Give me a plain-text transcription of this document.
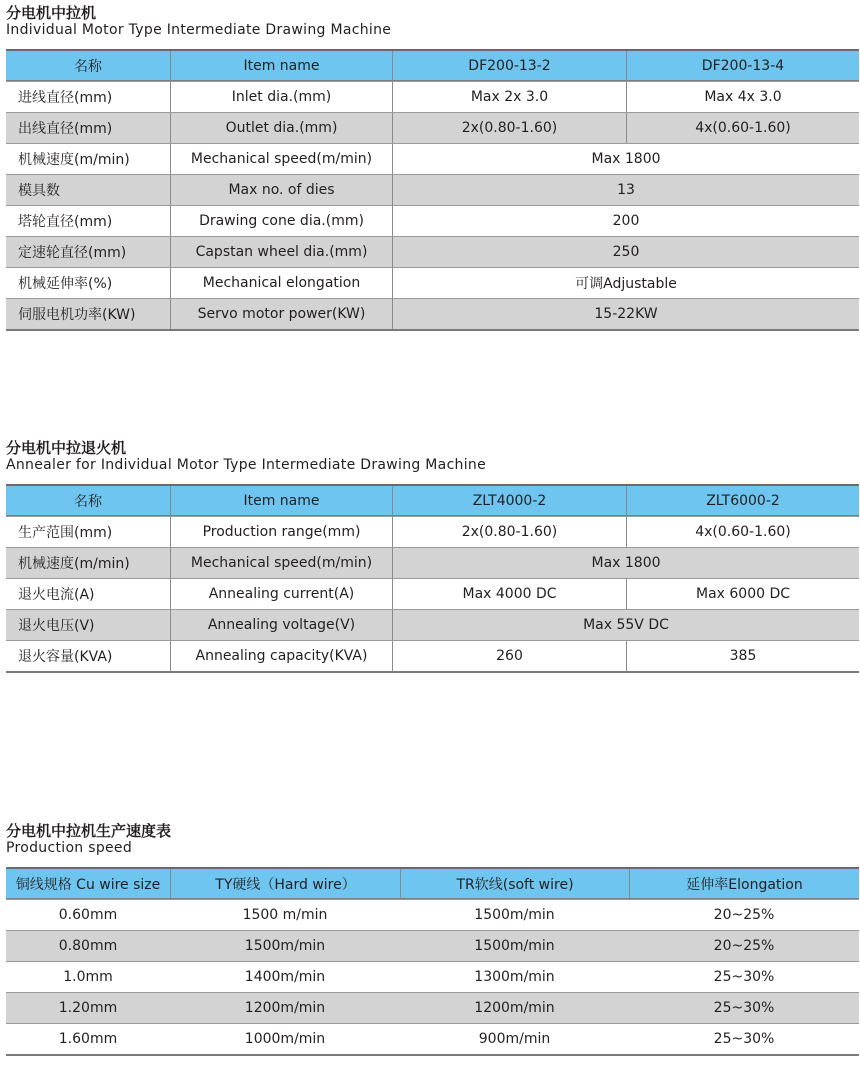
分电机中拉机
Individual Motor Type Intermediate Drawing Machine
名称	Item name	DF200-13-2	DF200-13-4
进线直径(mm)	Inlet dia.(mm)	Max 2x 3.0	Max 4x 3.0
出线直径(mm)	Outlet dia.(mm)	2x(0.80-1.60)	4x(0.60-1.60)
机械速度(m/min)	Mechanical speed(m/min)	Max 1800
模具数	Max no. of dies	13
塔轮直径(mm)	Drawing cone dia.(mm)	200
定速轮直径(mm)	Capstan wheel dia.(mm)	250
机械延伸率(%)	Mechanical elongation	可调Adjustable
伺服电机功率(KW)	Servo motor power(KW)	15-22KW
分电机中拉退火机
Annealer for Individual Motor Type Intermediate Drawing Machine
名称	Item name	ZLT4000-2	ZLT6000-2
生产范围(mm)	Production range(mm)	2x(0.80-1.60)	4x(0.60-1.60)
机械速度(m/min)	Mechanical speed(m/min)	Max 1800
退火电流(A)	Annealing current(A)	Max 4000 DC	Max 6000 DC
退火电压(V)	Annealing voltage(V)	Max 55V DC
退火容量(KVA)	Annealing capacity(KVA)	260	385
分电机中拉机生产速度表
Production speed
铜线规格 Cu wire size	TY硬线（Hard wire）	TR软线(soft wire)	延伸率Elongation
0.60mm	1500 m/min	1500m/min	20~25%
0.80mm	1500m/min	1500m/min	20~25%
1.0mm	1400m/min	1300m/min	25~30%
1.20mm	1200m/min	1200m/min	25~30%
1.60mm	1000m/min	900m/min	25~30%
